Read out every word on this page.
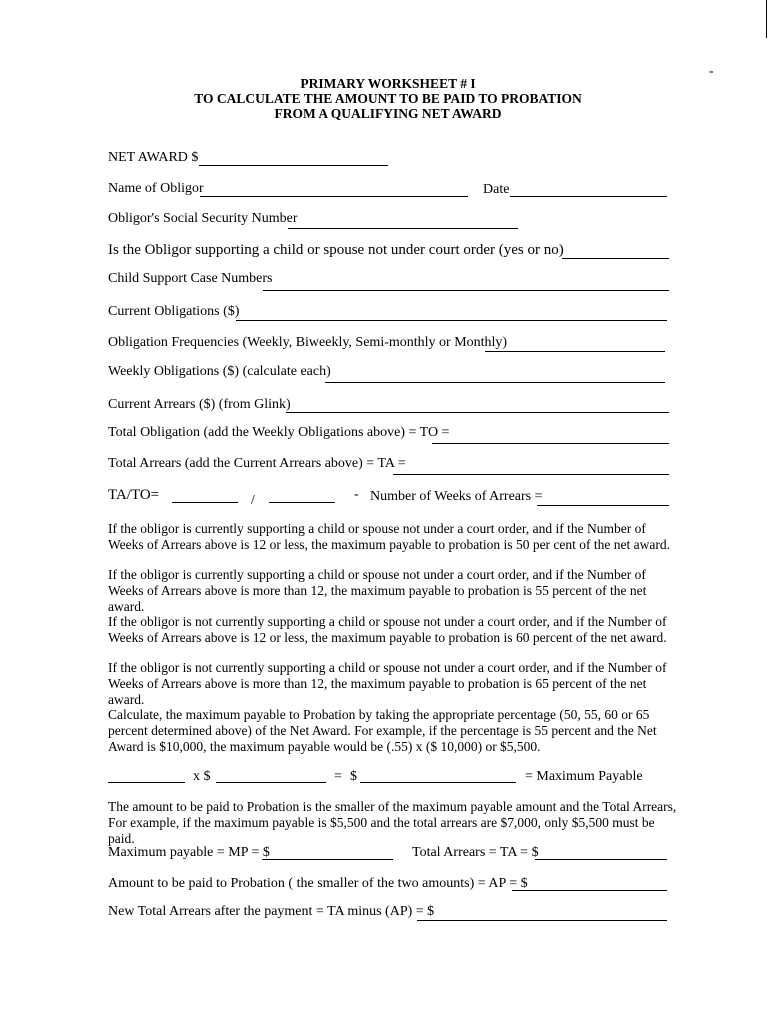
-
PRIMARY WORKSHEET # I
TO CALCULATE THE AMOUNT TO BE PAID TO PROBATION
FROM A QUALIFYING NET AWARD
NET AWARD $
Name of Obligor	Date
Obligor's Social Security Number
Is the Obligor supporting a child or spouse not under court order (yes or no)
Child Support Case Numbers
Current Obligations ($)
Obligation Frequencies (Weekly, Biweekly, Semi-monthly or Monthly)
Weekly Obligations ($) (calculate each)
Current Arrears ($) (from Glink)
Total Obligation (add the Weekly Obligations above) = TO =
Total Arrears (add the Current Arrears above) = TA =
TA/TO=	/	- Number of Weeks of Arrears =
If the obligor is currently supporting a child or spouse not under a court order, and if the Number of Weeks of Arrears above is 12 or less, the maximum payable to probation is 50 per cent of the net award.
If the obligor is currently supporting a child or spouse not under a court order, and if the Number of Weeks of Arrears above is more than 12, the maximum payable to probation is 55 percent of the net award.
If the obligor is not currently supporting a child or spouse not under a court order, and if the Number of Weeks of Arrears above is 12 or less, the maximum payable to probation is 60 percent of the net award.
If the obligor is not currently supporting a child or spouse not under a court order, and if the Number of Weeks of Arrears above is more than 12, the maximum payable to probation is 65 percent of the net award.
Calculate, the maximum payable to Probation by taking the appropriate percentage (50, 55, 60 or 65 percent determined above) of the Net Award. For example, if the percentage is 55 percent and the Net Award is $10,000, the maximum payable would be (.55) x ($ 10,000) or $5,500.
x $	= $	= Maximum Payable
The amount to be paid to Probation is the smaller of the maximum payable amount and the Total Arrears, For example, if the maximum payable is $5,500 and the total arrears are $7,000, only $5,500 must be paid.
Maximum payable = MP = $	Total Arrears = TA = $
Amount to be paid to Probation ( the smaller of the two amounts) = AP = $
New Total Arrears after the payment = TA minus (AP) = $
